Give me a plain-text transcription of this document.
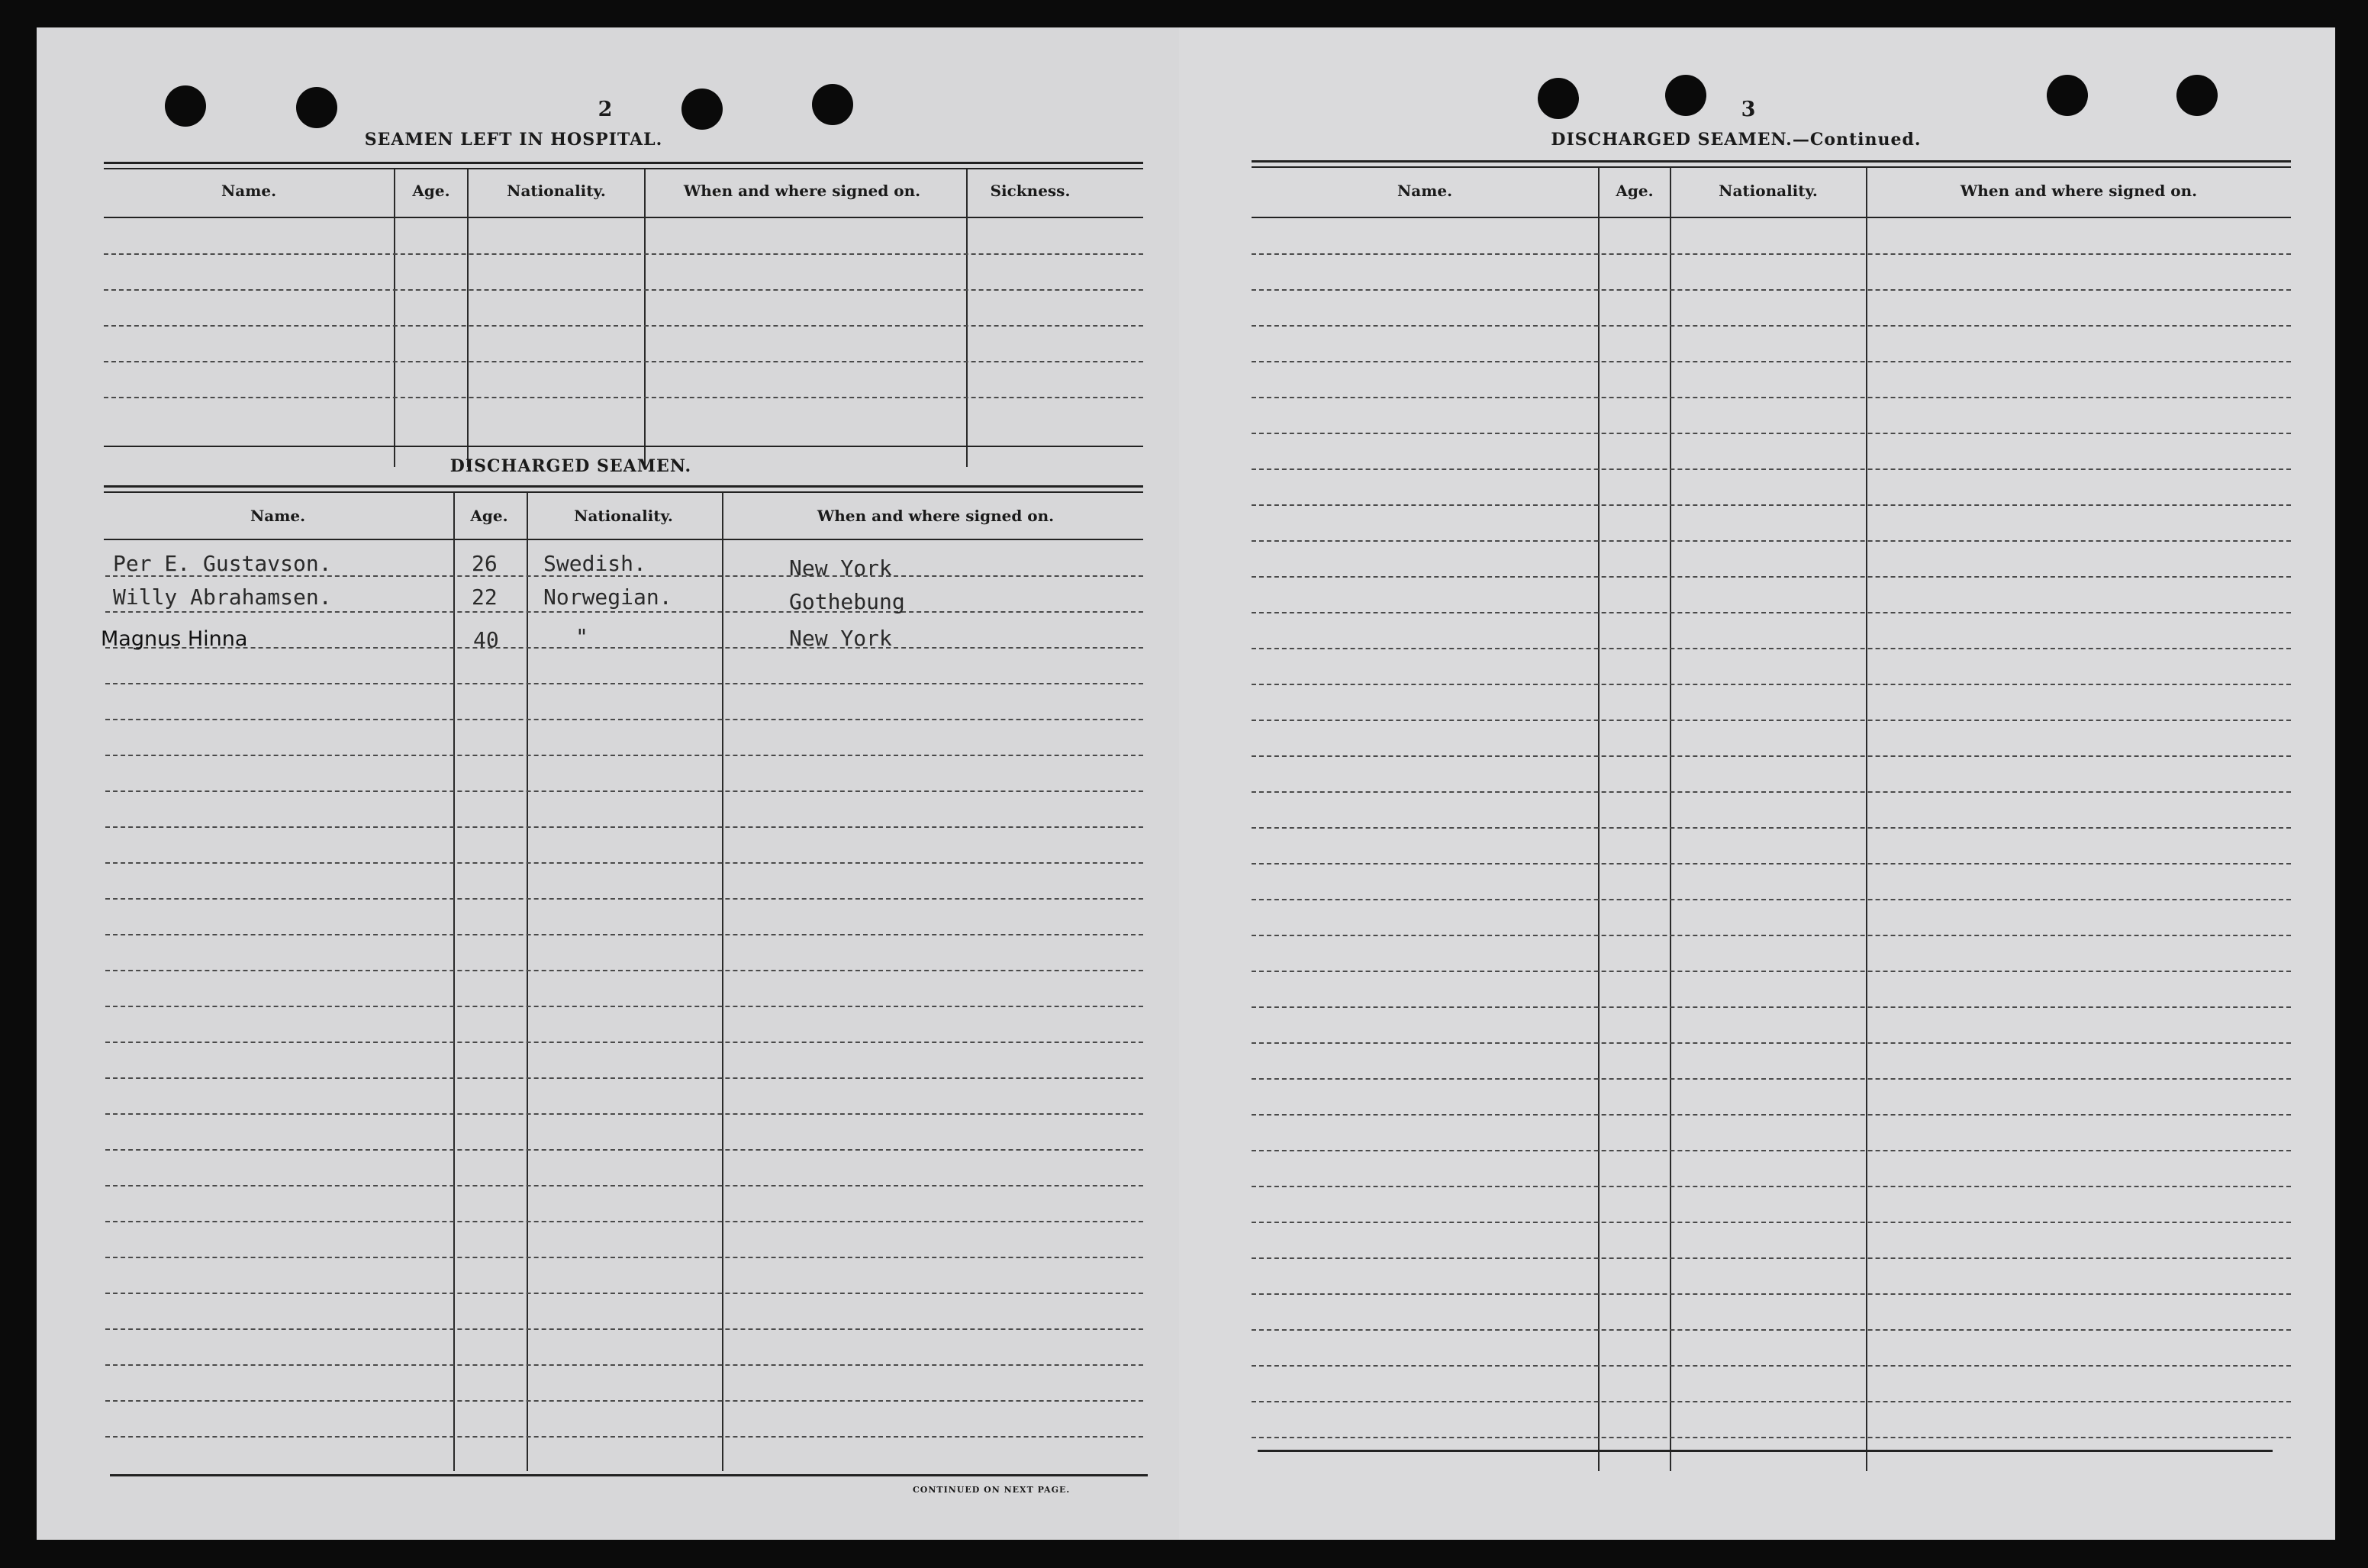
2
SEAMEN LEFT IN HOSPITAL.
Name.	Age.	Nationality.	When and where signed on.	Sickness.
DISCHARGED SEAMEN.
Name.	Age.	Nationality.	When and where signed on.
Per E. Gustavson.	26 Swedish.	New York
Willy Abrahamsen.	22 Norwegian.	Gothebung
Magnus Hinna	40	"	New York
CONTINUED ON NEXT PAGE.
3
DISCHARGED SEAMEN.—Continued.
Name.	Age.	Nationality.	When and where signed on.
